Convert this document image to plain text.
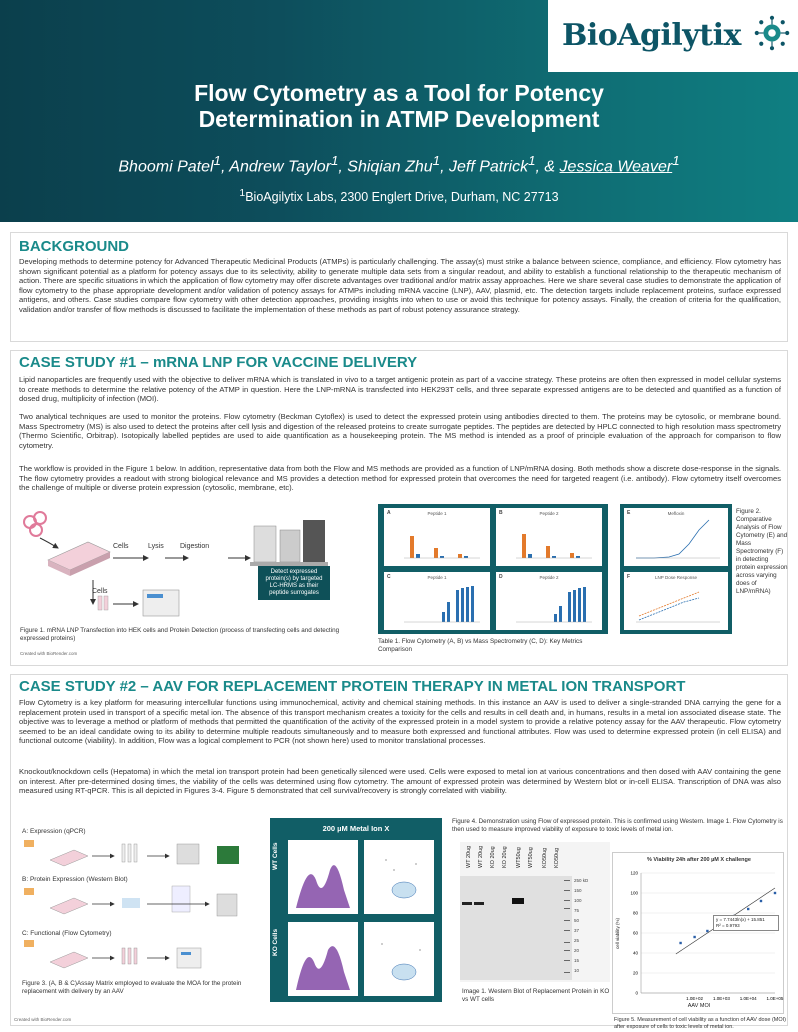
BioAgilytix
Flow Cytometry as a Tool for Potency
Determination in ATMP Development
Bhoomi Patel$^1$, Andrew Taylor$^1$, Shiqian Zhu$^1$, Jeff Patrick$^1$, & Jessica Weaver$^1$
$^1$BioAgilytix Labs, 2300 Englert Drive, Durham, NC 27713
BACKGROUND
Developing methods to determine potency for Advanced Therapeutic Medicinal Products (ATMPs) is particularly challenging. The assay(s) must strike a balance between science, compliance, and efficiency. Flow cytometry has shown significant potential as a platform for potency assays due to its selectivity, ability to generate multiple data sets from a singular readout, and ability to establish a functional relationship to the therapeutic mechanism of action. There are specific situations in which the application of flow cytometry may offer discrete advantages over traditional and/or matrix assay approaches. Here we share several case studies to demonstrate the application of flow cytometry to the phase appropriate development and/or validation of potency assays for ATMPs including mRNA vaccine (LNP), AAV, plasmid, etc. The detection targets include replacement proteins, surface expressed antigens, and others. Case studies compare flow cytometry with other detection approaches, providing insights into when to use or avoid this technique for potency assays. Finally, the creation of criteria for the qualification, validation and/or transfer of flow methods is discussed to facilitate the implementation of these methods as part of robust potency assurance strategy.
CASE STUDY #1 – mRNA LNP FOR VACCINE DELIVERY
Lipid nanoparticles are frequently used with the objective to deliver mRNA which is translated in vivo to a target antigenic protein as part of a vaccine strategy. These proteins are often then expressed in model cellular systems to create methods to determine the relative potency of the ATMP in question. Here the LNP-mRNA is transfected into HEK293T cells, and three separate expressed antigens are to be detected and quantified as a function of dosed drug, multiplicity of infection (MOI).
Two analytical techniques are used to monitor the proteins. Flow cytometry (Beckman Cytoflex) is used to detect the expressed protein using antibodies directed to them. The proteins may be cytosolic, or membrane bound. Mass Spectrometry (MS) is also used to detect the proteins after cell lysis and digestion of the released proteins to create surrogate peptides. The peptides are detected by HPLC connected to high resolution mass spectrometry (Thermo Scientific, Orbitrap). Isotopically labelled peptides are used to aide quantification as a housekeeping protein. The MS method is intended as a proof of principle evaluation of the approach for comparison to flow cytometry.
The workflow is provided in the Figure 1 below. In addition, representative data from both the Flow and MS methods are provided as a function of LNP/mRNA dosing. Both methods show a discrete dose-response in the signals. The flow cytometry provides a readout with strong biological relevance and MS provides a detection method for expressed protein that overcomes the need for targeted reagent (i.e. antibody). Flow cytometry itself overcomes the challenge of multiple or diverse protein expression (cytosolic, membrane, etc).
Cells	Lysis Digestion
Cells
Detect expressed protein(s) by targeted LC-HRMS as their peptide surrogates
Figure 1. mRNA LNP Transfection into HEK cells and Protein Detection (process of transfecting cells and detecting expressed proteins)
Created with BioRender.com
A	Peptide 1	B	Peptide 2
C	Peptide 1	D	Peptide 2
Table 1. Flow Cytometry (A, B) vs Mass Spectrometry (C, D): Key Metrics Comparison
E	Mefloxin
F	LNP Dose Response
Figure 2. Comparative Analysis of Flow Cytometry (E) and Mass Spectrometry (F) in detecting protein expression across varying does of LNP/mRNA)
CASE STUDY #2 – AAV FOR REPLACEMENT PROTEIN THERAPY IN METAL ION TRANSPORT
Flow Cytometry is a key platform for measuring intercellular functions using immunochemical, activity and chemical staining methods. In this instance an AAV is used to deliver a single-stranded DNA carrying the gene for a replacement protein used in transport of a specific metal ion. The absence of this transport mechanism creates a toxicity for the cells and results in cell death and, in humans, results in a metal ion associated disease state. The objective was to leverage a method or platform of methods that permitted the quantification of the activity of the expressed protein in a model system to provide a relative potency assay for the AAV therapeutic. Flow cytometry seemed to be an ideal candidate owing to its ability to determine multiple readouts simultaneously and to measure both expressed and functional attributes. Flow was used to determine expressed protein (in cell ELISA) and functional outcome (viability). In addition, Flow was a logical complement to PCR (not shown here) used to monitor translational processes.
Knockout/knockdown cells (Hepatoma) in which the metal ion transport protein had been genetically silenced were used. Cells were exposed to metal ion at various concentrations and then dosed with AAV containing the gene on interest. After pre-determined dosing times, the viability of the cells was determined using flow cytometry. The amount of expressed protein was determined by Western blot or in-cell ELISA. Transcription of DNA was also measured using RT-qPCR. This is all depicted in Figures 3-4. Figure 5 demonstrated that cell survival/recovery is strongly correlated with viability.
A: Expression (qPCR)
B: Protein Expression (Western Blot)
C: Functional (Flow Cytometry)
Figure 3. (A, B & C)Assay Matrix employed to evaluate the MOA for the protein replacement with delivery by an AAV
Created with BioRender.com
200 µM Metal Ion X
WT Cells
KO Cells
Figure 4. Demonstration using Flow of expressed protein. This is confirmed using Western. Image 1. Flow Cytometry is then used to measure improved viability of exposure to toxic levels of metal ion.
WT 20ug WT 20ug KO 20ug KO 20ug WT50ug WT50ug KO50ug KO50ug
250 kD
150
100
75
50
37
25
20
15
10
Image 1. Western Blot of Replacement Protein in KO vs WT cells
% Viability 24h after 200 µM X challenge
0
20
40
60
80
100
120
1.0E+02 1.0E+03 1.0E+04 1.0E+05
y = 7.7443ln(x) + 15.851
R² = 0.9793
AAV MOI
cell viability (%)
Figure 5. Measurement of cell viability as a function of AAV dose (MOI) after exposure of cells to toxic levels of metal ion.
